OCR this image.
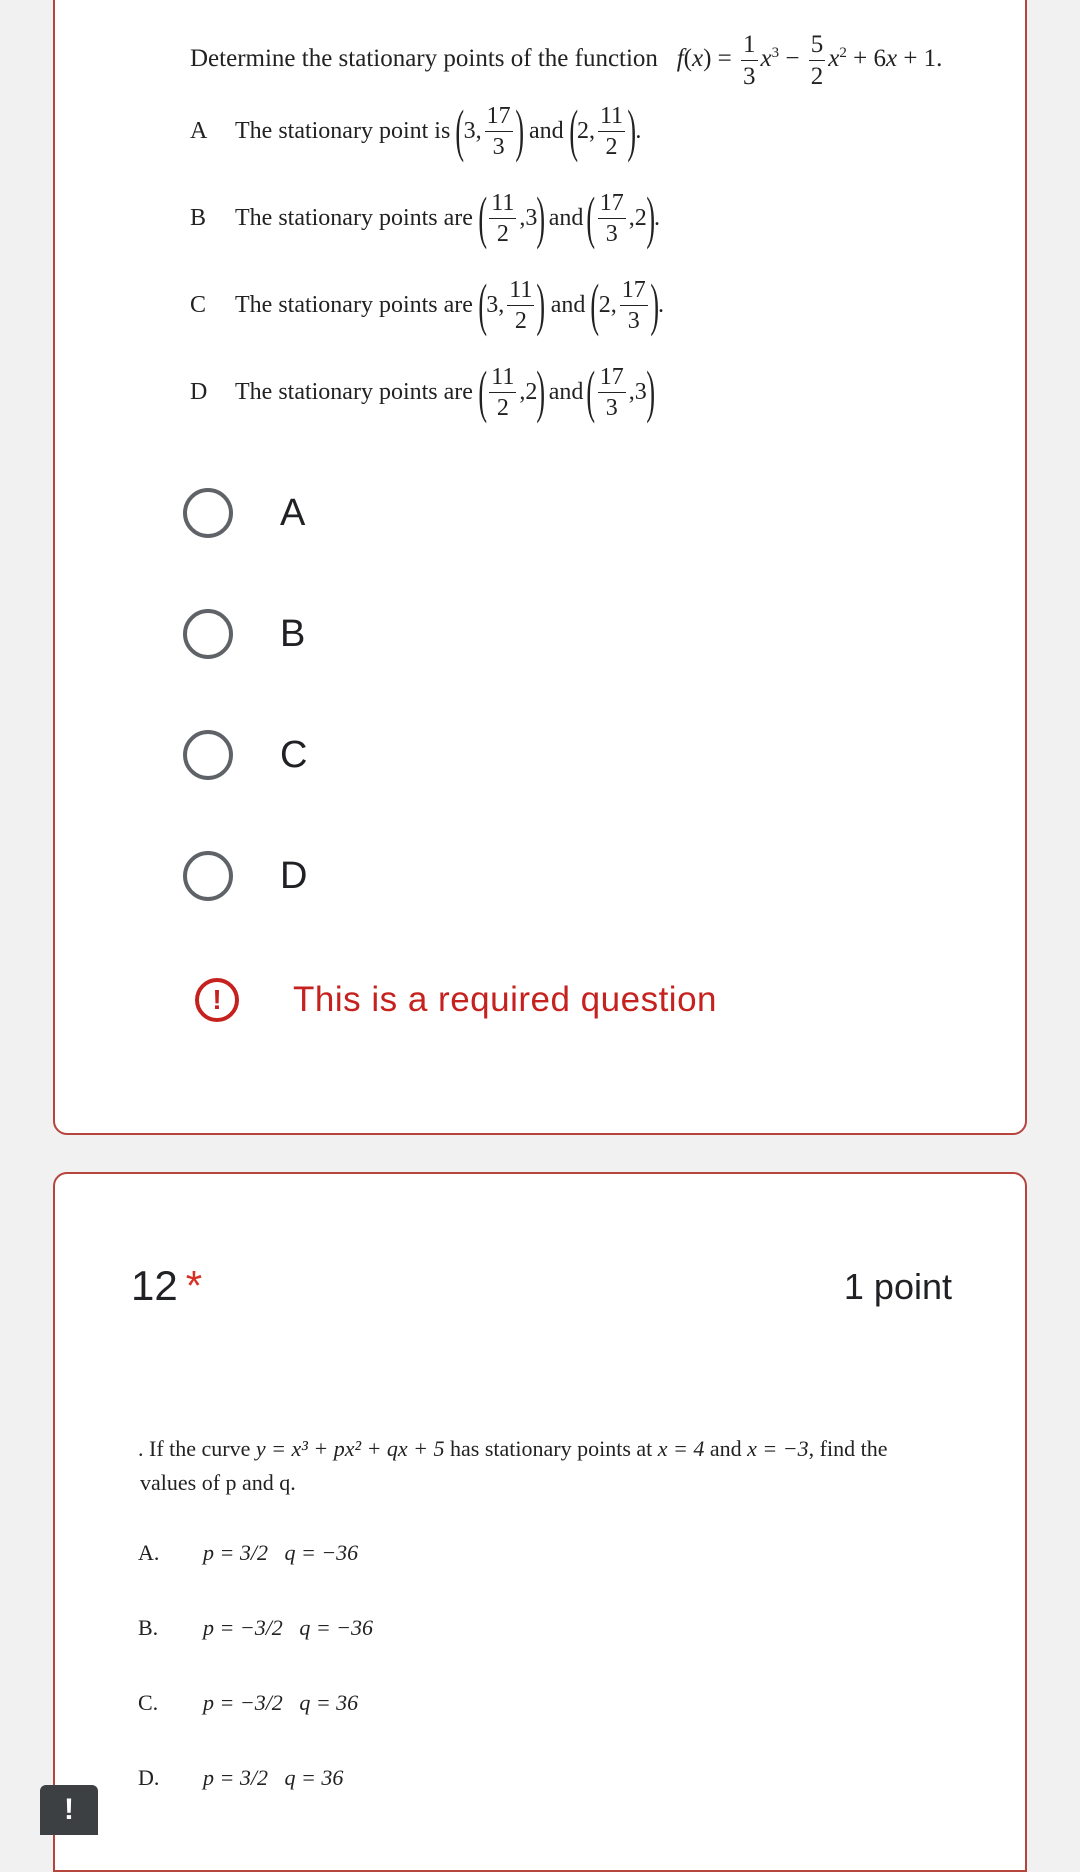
Determine the stationary points of the function $f(x) = \frac{1}{3} x^3 - \frac{5}{2} x^2 + 6x + 1$.
A	The stationary point is ( 3 , $\frac{17}{3}$ ) and ( 2 , $\frac{11}{2}$ ) .
B	The stationary points are ( $\frac{11}{2}$ , 3 ) and ( $\frac{17}{3}$ , 2 ) .
C	The stationary points are ( 3 , $\frac{11}{2}$ ) and ( 2 , $\frac{17}{3}$ ) .
D	The stationary points are ( $\frac{11}{2}$ , 2 ) and ( $\frac{17}{3}$ , 3 )
A
B
C
D
!	This is a required question
12 *	1 point
. If the curve y = x³ + px² + qx + 5 has stationary points at x = 4 and x = −3, find the
values of p and q.
A.	p = 3/2
q = −36
B.	p = −3/2
q = −36
C.	p = −3/2
q = 36
D.	p = 3/2
q = 36
!
